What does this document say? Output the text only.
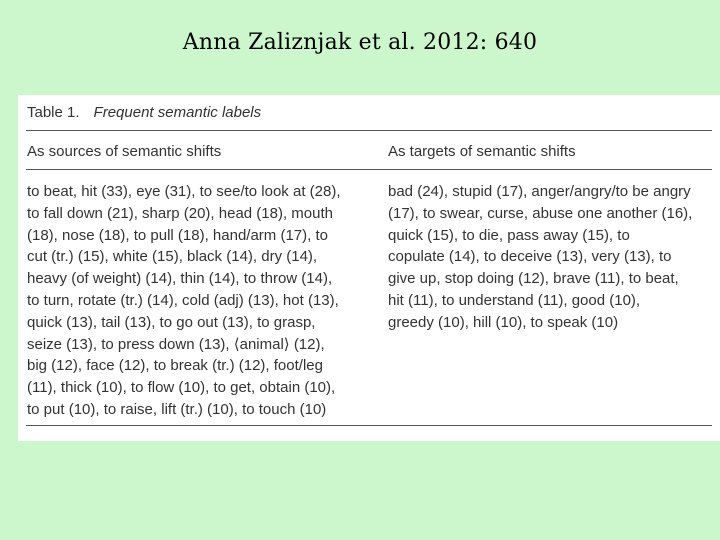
Anna Zaliznjak et al. 2012: 640
Table 1. Frequent semantic labels
As sources of semantic shifts	As targets of semantic shifts
to beat, hit (33), eye (31), to see/to look at (28),
to fall down (21), sharp (20), head (18), mouth
(18), nose (18), to pull (18), hand/arm (17), to
cut (tr.) (15), white (15), black (14), dry (14),
heavy (of weight) (14), thin (14), to throw (14),
to turn, rotate (tr.) (14), cold (adj) (13), hot (13),
quick (13), tail (13), to go out (13), to grasp,
seize (13), to press down (13), ⟨animal⟩ (12),
big (12), face (12), to break (tr.) (12), foot/leg
(11), thick (10), to flow (10), to get, obtain (10),
to put (10), to raise, lift (tr.) (10), to touch (10)
bad (24), stupid (17), anger/angry/to be angry
(17), to swear, curse, abuse one another (16),
quick (15), to die, pass away (15), to
copulate (14), to deceive (13), very (13), to
give up, stop doing (12), brave (11), to beat,
hit (11), to understand (11), good (10),
greedy (10), hill (10), to speak (10)
